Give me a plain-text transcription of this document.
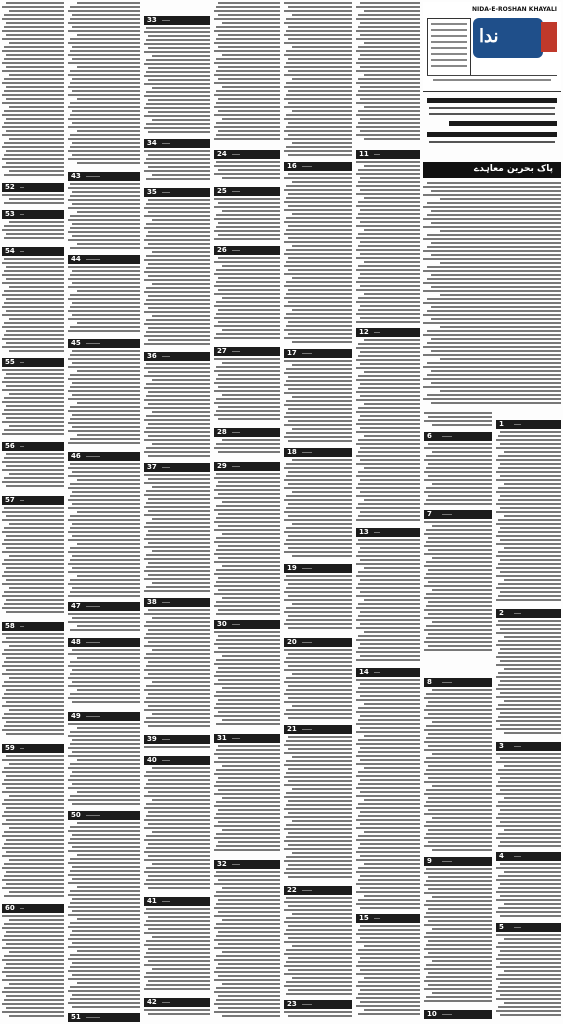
52
53
54
55
56
57
58
59
60
43
44
45
46
47
48
49
50
51
33
34
35
36
37
38
39
40
41
42
24
25
26
27
28
29
30
31
32
16
17
18
19
20
21
22
23
11
12
13
14
15
NIDA-E-ROSHAN KHAYALI
ندا
پاک بحرین معاہدے
6
7
8
9
10
1
2
3
4
5
